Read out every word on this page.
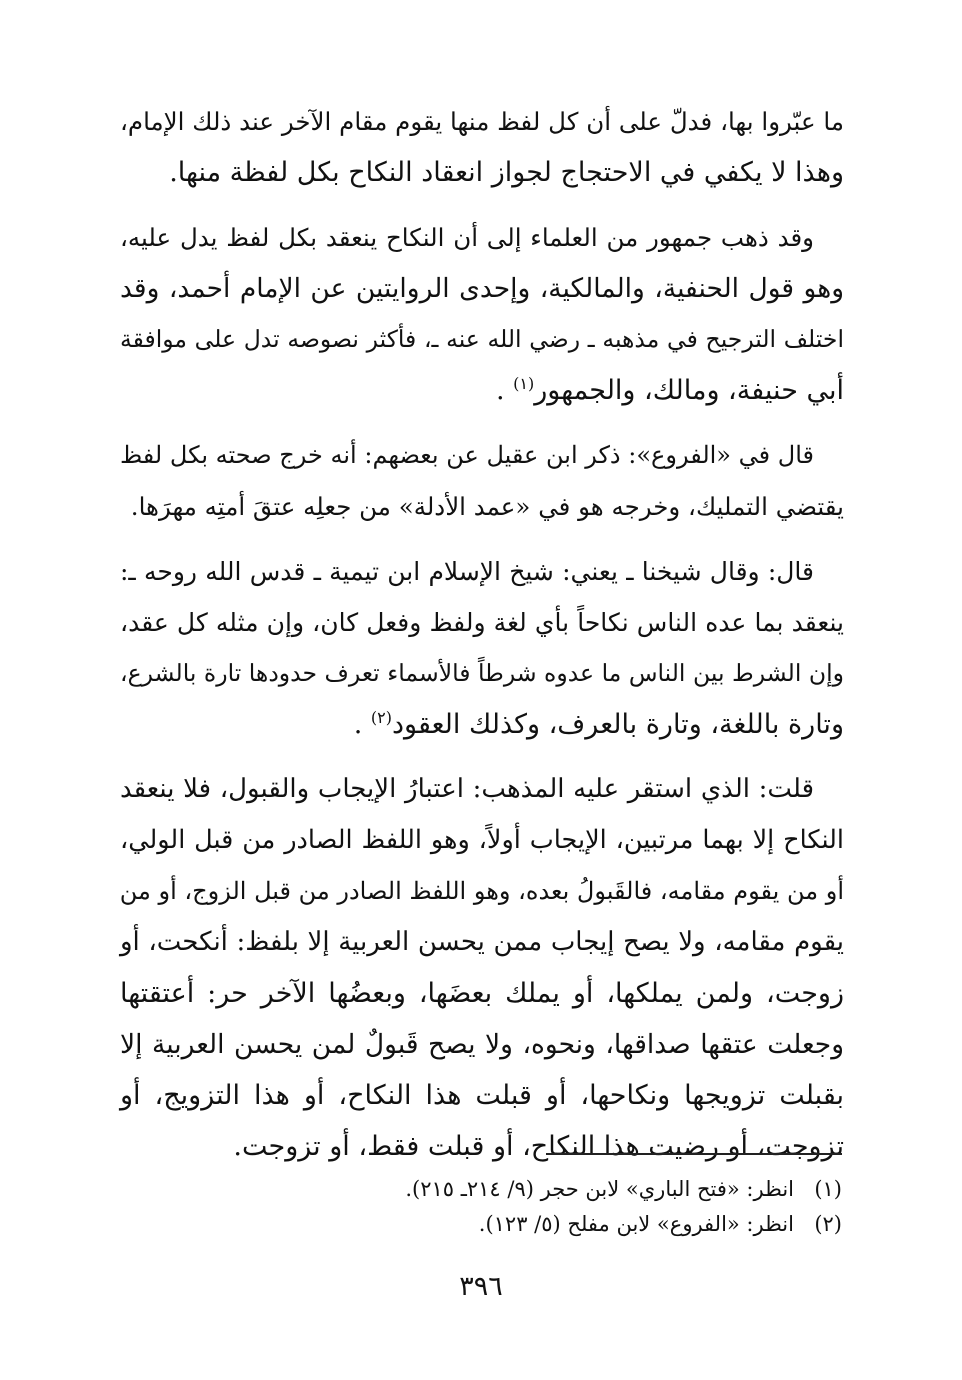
ما عبّروا بها، فدلّ على أن كل لفظ منها يقوم مقام الآخر عند ذلك الإمام،
وهذا لا يكفي في الاحتجاج لجواز انعقاد النكاح بكل لفظة منها.
وقد ذهب جمهور من العلماء إلى أن النكاح ينعقد بكل لفظ يدل عليه،
وهو قول الحنفية، والمالكية، وإحدى الروايتين عن الإمام أحمد، وقد
اختلف الترجيح في مذهبه ـ رضي الله عنه ـ، فأكثر نصوصه تدل على موافقة
أبي حنيفة، ومالك، والجمهور$^{(١)}$ .
قال في «الفروع»: ذكر ابن عقيل عن بعضهم: أنه خرج صحته بكل لفظ
يقتضي التمليك، وخرجه هو في «عمد الأدلة» من جعلِه عتقَ أمتِه مهرَها.
قال: وقال شيخنا ـ يعني: شيخ الإسلام ابن تيمية ـ قدس الله روحه ـ:
ينعقد بما عده الناس نكاحاً بأي لغة ولفظ وفعل كان، وإن مثله كل عقد،
وإن الشرط بين الناس ما عدوه شرطاً فالأسماء تعرف حدودها تارة بالشرع،
وتارة باللغة، وتارة بالعرف، وكذلك العقود$^{(٢)}$ .
قلت: الذي استقر عليه المذهب: اعتبارُ الإيجاب والقبول، فلا ينعقد
النكاح إلا بهما مرتبين، الإيجاب أولاً، وهو اللفظ الصادر من قبل الولي،
أو من يقوم مقامه، فالقَبولُ بعده، وهو اللفظ الصادر من قبل الزوج، أو من
يقوم مقامه، ولا يصح إيجاب ممن يحسن العربية إلا بلفظ: أنكحت، أو
زوجت، ولمن يملكها، أو يملك بعضَها، وبعضُها الآخر حر: أعتقتها
وجعلت عتقها صداقها، ونحوه، ولا يصح قَبولٌ لمن يحسن العربية إلا
بقبلت تزويجها ونكاحها، أو قبلت هذا النكاح، أو هذا التزويج، أو
تزوجت، أو رضيت هذا النكاح، أو قبلت فقط، أو تزوجت.
(١)انظر: «فتح الباري» لابن حجر (٩/ ٢١٤ـ ٢١٥).
(٢)انظر: «الفروع» لابن مفلح (٥/ ١٢٣).
٣٩٦
